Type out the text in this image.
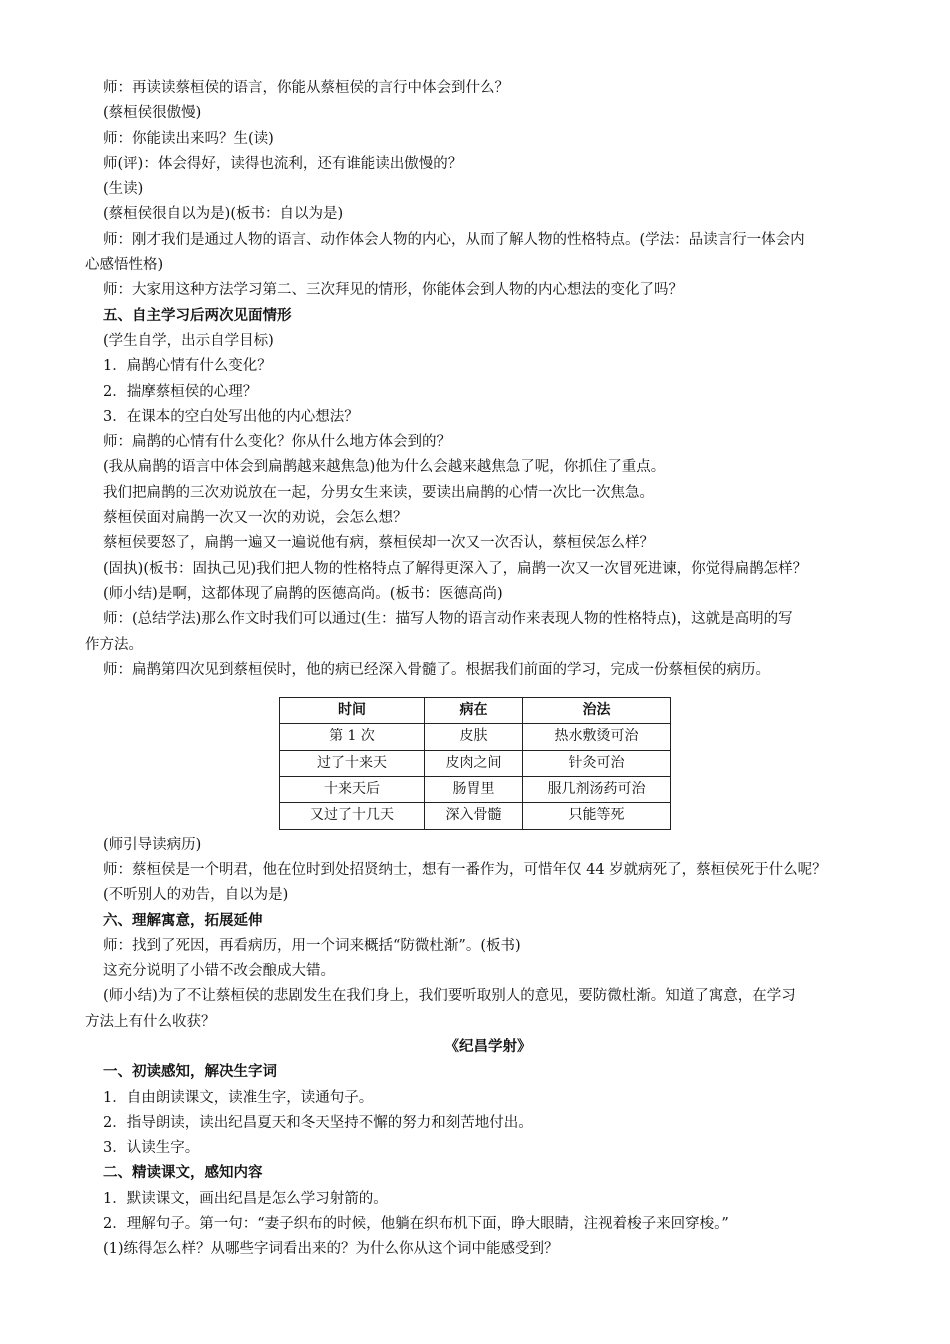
师：再读读蔡桓侯的语言，你能从蔡桓侯的言行中体会到什么？

(蔡桓侯很傲慢)

师：你能读出来吗？生(读)

师(评)：体会得好，读得也流利，还有谁能读出傲慢的？

(生读)

(蔡桓侯很自以为是)(板书：自以为是)

师：刚才我们是通过人物的语言、动作体会人物的内心，从而了解人物的性格特点。(学法：品读言行一体会内

心感悟性格)

师：大家用这种方法学习第二、三次拜见的情形，你能体会到人物的内心想法的变化了吗？

五、自主学习后两次见面情形

(学生自学，出示自学目标)

1．扁鹊心情有什么变化？

2．揣摩蔡桓侯的心理？

3．在课本的空白处写出他的内心想法？

师：扁鹊的心情有什么变化？你从什么地方体会到的？

(我从扁鹊的语言中体会到扁鹊越来越焦急)他为什么会越来越焦急了呢，你抓住了重点。

我们把扁鹊的三次劝说放在一起，分男女生来读，要读出扁鹊的心情一次比一次焦急。

蔡桓侯面对扁鹊一次又一次的劝说，会怎么想？

蔡桓侯要怒了，扁鹊一遍又一遍说他有病，蔡桓侯却一次又一次否认，蔡桓侯怎么样？

(固执)(板书：固执己见)我们把人物的性格特点了解得更深入了，扁鹊一次又一次冒死进谏，你觉得扁鹊怎样？

(师小结)是啊，这都体现了扁鹊的医德高尚。(板书：医德高尚)

师：(总结学法)那么作文时我们可以通过(生：描写人物的语言动作来表现人物的性格特点)，这就是高明的写

作方法。

师：扁鹊第四次见到蔡桓侯时，他的病已经深入骨髓了。根据我们前面的学习，完成一份蔡桓侯的病历。

时间	病在	治法
第 1 次	皮肤	热水敷烫可治
过了十来天	皮肉之间	针灸可治
十来天后	肠胃里	服几剂汤药可治
又过了十几天	深入骨髓	只能等死

(师引导读病历)

师：蔡桓侯是一个明君，他在位时到处招贤纳士，想有一番作为，可惜年仅 44 岁就病死了，蔡桓侯死于什么呢？

(不听别人的劝告，自以为是)

六、理解寓意，拓展延伸

师：找到了死因，再看病历，用一个词来概括“防微杜渐”。(板书)

这充分说明了小错不改会酿成大错。

(师小结)为了不让蔡桓侯的悲剧发生在我们身上，我们要听取别人的意见，要防微杜渐。知道了寓意，在学习

方法上有什么收获？

《纪昌学射》

一、初读感知，解决生字词

1．自由朗读课文，读准生字，读通句子。

2．指导朗读，读出纪昌夏天和冬天坚持不懈的努力和刻苦地付出。

3．认读生字。

二、精读课文，感知内容

1．默读课文，画出纪昌是怎么学习射箭的。

2．理解句子。第一句：“妻子织布的时候，他躺在织布机下面，睁大眼睛，注视着梭子来回穿梭。”

(1)练得怎么样？从哪些字词看出来的？为什么你从这个词中能感受到？
